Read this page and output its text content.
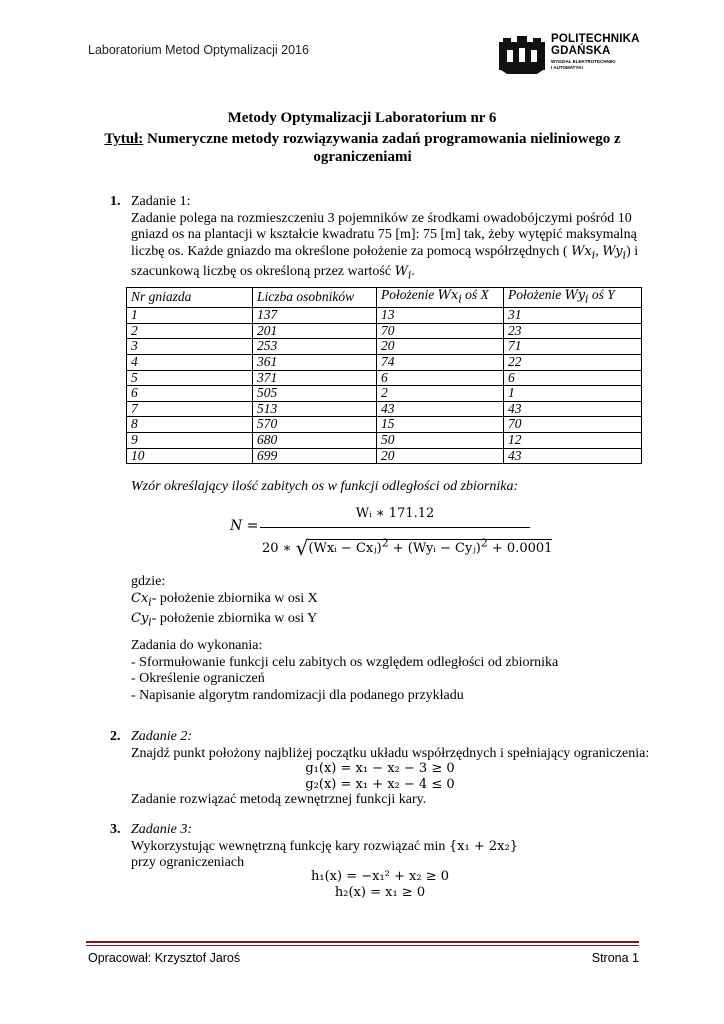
Laboratorium Metod Optymalizacji 2016
POLITECHNIKA
GDAŃSKA
WYDZIAŁ ELEKTROTECHNIKI
I AUTOMATYKI
Metody Optymalizacji Laboratorium nr 6
Tytuł: Numeryczne metody rozwiązywania zadań programowania nieliniowego z ograniczeniami
1. Zadanie 1:
Zadanie polega na rozmieszczeniu 3 pojemników ze środkami owadobójczymi pośród 10
gniazd os na plantacji w kształcie kwadratu 75 [m]: 75 [m] tak, żeby wytępić maksymalną
liczbę os. Każde gniazdo ma określone położenie za pomocą współrzędnych ( $Wx_i$, $Wy_i$) i
szacunkową liczbę os określoną przez wartość $W_i$.
Nr gniazda	Liczba osobników	Położenie $Wx_i$ oś X	Położenie $Wy_i$ oś Y
1	137	13	31
2	201	70	23
3	253	20	71
4	361	74	22
5	371	6	6
6	505	2	1
7	513	43	43
8	570	15	70
9	680	50	12
10	699	20	43
Wzór określający ilość zabitych os w funkcji odległości od zbiornika:
N =
Wᵢ ∗ 171.12
20 ∗ √(Wxᵢ − Cxⱼ)$^2$ + (Wyᵢ − Cyⱼ)$^2$ + 0.0001
gdzie:
$Cx_i-$ położenie zbiornika w osi X
$Cy_i-$ położenie zbiornika w osi Y
Zadania do wykonania:
- Sformułowanie funkcji celu zabitych os względem odległości od zbiornika
- Określenie ograniczeń
- Napisanie algorytm randomizacji dla podanego przykładu
2. Zadanie 2:
Znajdź punkt położony najbliżej początku układu współrzędnych i spełniający ograniczenia:
g₁(x) = x₁ − x₂ − 3 ≥ 0
g₂(x) = x₁ + x₂ − 4 ≤ 0
Zadanie rozwiązać metodą zewnętrznej funkcji kary.
3. Zadanie 3:
Wykorzystując wewnętrzną funkcję kary rozwiązać min {x₁ + 2x₂}
przy ograniczeniach
h₁(x) = −x₁² + x₂ ≥ 0
h₂(x) = x₁ ≥ 0
Opracował: Krzysztof Jaroś	Strona 1
